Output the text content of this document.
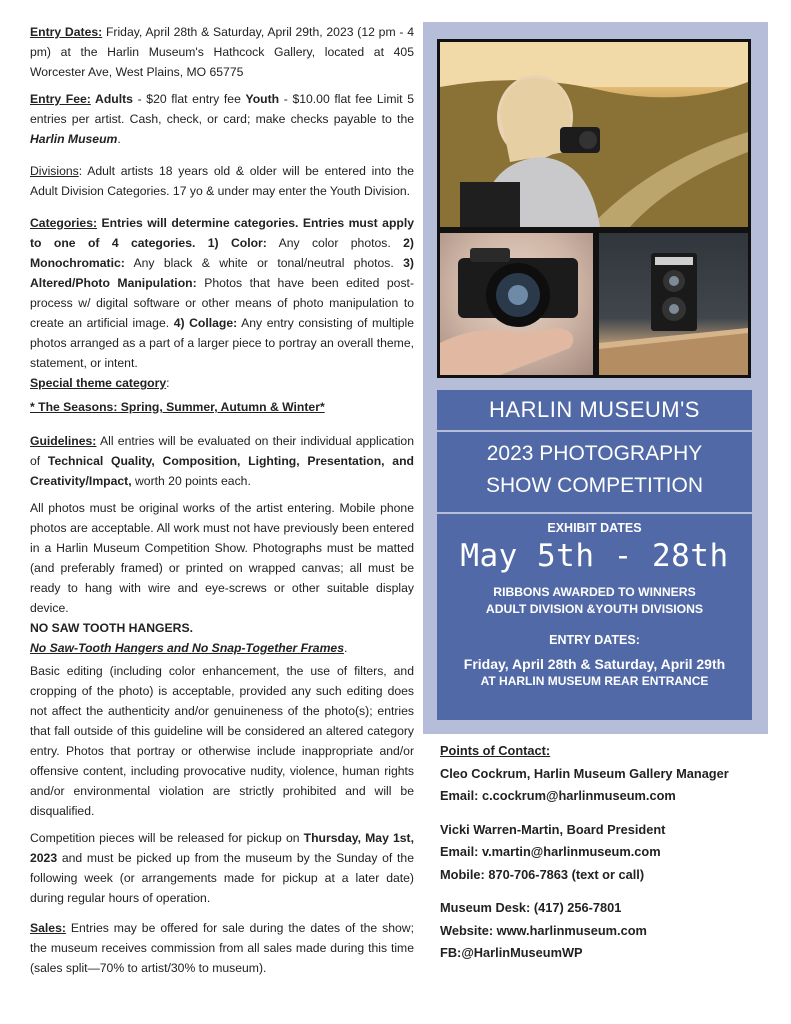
Entry Dates: Friday, April 28th & Saturday, April 29th, 2023 (12 pm - 4 pm) at the Harlin Museum's Hathcock Gallery, located at 405 Worcester Ave, West Plains, MO 65775

Entry Fee: Adults - $20 flat entry fee Youth - $10.00 flat fee Limit 5 entries per artist. Cash, check, or card; make checks payable to the Harlin Museum.

Divisions: Adult artists 18 years old & older will be entered into the Adult Division Categories. 17 yo & under may enter the Youth Division.

Categories: Entries will determine categories. Entries must apply to one of 4 categories. 1) Color: Any color photos. 2) Monochromatic: Any black & white or tonal/neutral photos. 3) Altered/Photo Manipulation: Photos that have been edited post-process w/ digital software or other means of photo manipulation to create an artificial image. 4) Collage: Any entry consisting of multiple photos arranged as a part of a larger piece to portray an overall theme, statement, or intent.

Special theme category:

* The Seasons: Spring, Summer, Autumn & Winter*

Guidelines: All entries will be evaluated on their individual application of Technical Quality, Composition, Lighting, Presentation, and Creativity/Impact, worth 20 points each.

All photos must be original works of the artist entering. Mobile phone photos are acceptable. All work must not have previously been entered in a Harlin Museum Competition Show. Photographs must be matted (and preferably framed) or printed on wrapped canvas; all must be ready to hang with wire and eye-screws or other suitable display device.

NO SAW TOOTH HANGERS.

No Saw-Tooth Hangers and No Snap-Together Frames.

Basic editing (including color enhancement, the use of filters, and cropping of the photo) is acceptable, provided any such editing does not affect the authenticity and/or genuineness of the photo(s); entries that fall outside of this guideline will be considered an altered category entry. Photos that portray or otherwise include inappropriate and/or offensive content, including provocative nudity, violence, human rights and/or environmental violation are strictly prohibited and will be disqualified.

Competition pieces will be released for pickup on Thursday, May 1st, 2023 and must be picked up from the museum by the Sunday of the following week (or arrangements made for pickup at a later date) during regular hours of operation.

Sales: Entries may be offered for sale during the dates of the show; the museum receives commission from all sales made during this time (sales split—70% to artist/30% to museum).

HARLIN MUSEUM'S
2023 PHOTOGRAPHY
SHOW COMPETITION
EXHIBIT DATES
May 5th - 28th
RIBBONS AWARDED TO WINNERS
ADULT DIVISION &YOUTH DIVISIONS
ENTRY DATES:
Friday, April 28th & Saturday, April 29th
AT HARLIN MUSEUM REAR ENTRANCE
Points of Contact:
Cleo Cockrum, Harlin Museum Gallery Manager
Email: c.cockrum@harlinmuseum.com
Vicki Warren-Martin, Board President
Email: v.martin@harlinmuseum.com
Mobile: 870-706-7863 (text or call)
Museum Desk: (417) 256-7801
Website: www.harlinmuseum.com
FB:@HarlinMuseumWP
